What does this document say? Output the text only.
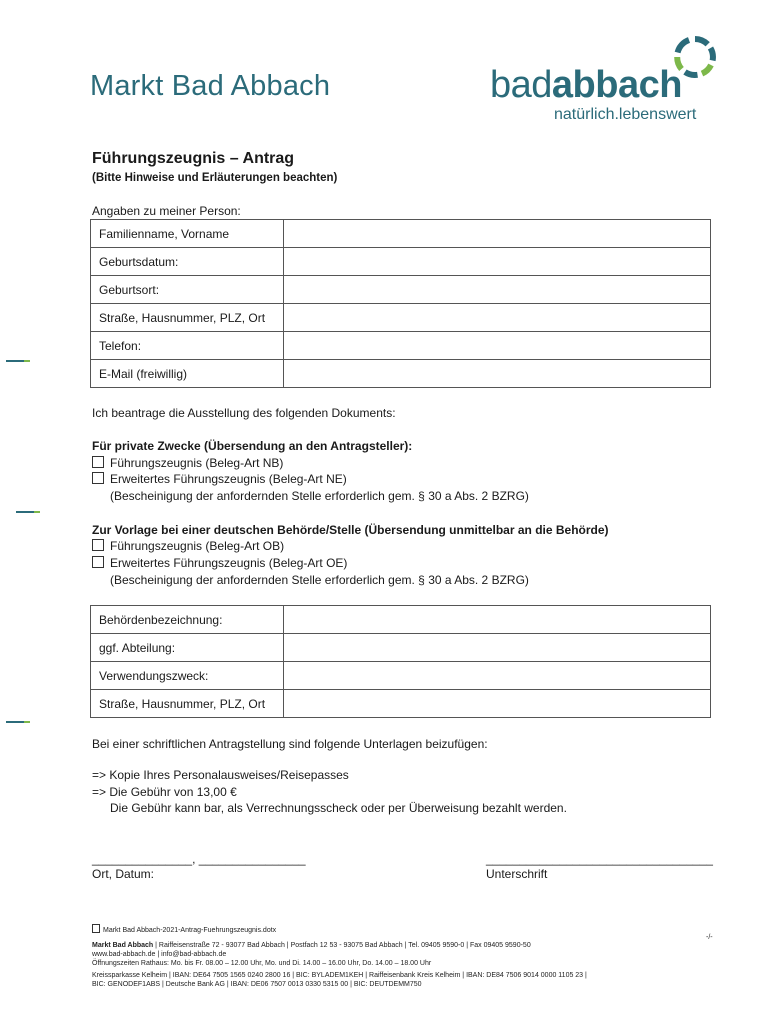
Markt Bad Abbach	badabbach
natürlich.lebenswert
Führungszeugnis – Antrag
(Bitte Hinweise und Erläuterungen beachten)
Angaben zu meiner Person:
Familienname, Vorname	
Geburtsdatum:	
Geburtsort:	
Straße, Hausnummer, PLZ, Ort	
Telefon:	
E-Mail (freiwillig)	
Ich beantrage die Ausstellung des folgenden Dokuments:
Für private Zwecke (Übersendung an den Antragsteller):
Führungszeugnis (Beleg-Art NB)
Erweitertes Führungszeugnis (Beleg-Art NE)
(Bescheinigung der anfordernden Stelle erforderlich gem. § 30 a Abs. 2 BZRG)
Zur Vorlage bei einer deutschen Behörde/Stelle (Übersendung unmittelbar an die Behörde)
Führungszeugnis (Beleg-Art OB)
Erweitertes Führungszeugnis (Beleg-Art OE)
(Bescheinigung der anfordernden Stelle erforderlich gem. § 30 a Abs. 2 BZRG)
Behördenbezeichnung:	
ggf. Abteilung:	
Verwendungszweck:	
Straße, Hausnummer, PLZ, Ort	
Bei einer schriftlichen Antragstellung sind folgende Unterlagen beizufügen:
=> Kopie Ihres Personalausweises/Reisepasses
=> Die Gebühr von 13,00 €
Die Gebühr kann bar, als Verrechnungsscheck oder per Überweisung bezahlt werden.
_______________, ________________
Ort, Datum:
__________________________________
Unterschrift
Markt Bad Abbach-2021-Antrag-Fuehrungszeugnis.dotx
-/-
Markt Bad Abbach | Raiffeisenstraße 72 - 93077 Bad Abbach | Postfach 12 53 - 93075 Bad Abbach | Tel. 09405 9590-0 | Fax 09405 9590-50
www.bad-abbach.de | info@bad-abbach.de
Öffnungszeiten Rathaus: Mo. bis Fr. 08.00 – 12.00 Uhr, Mo. und Di. 14.00 – 16.00 Uhr, Do. 14.00 – 18.00 Uhr
Kreissparkasse Kelheim | IBAN: DE64 7505 1565 0240 2800 16 | BIC: BYLADEM1KEH | Raiffeisenbank Kreis Kelheim | IBAN: DE84 7506 9014 0000 1105 23 |
BIC: GENODEF1ABS | Deutsche Bank AG | IBAN: DE06 7507 0013 0330 5315 00 | BIC: DEUTDEMM750
